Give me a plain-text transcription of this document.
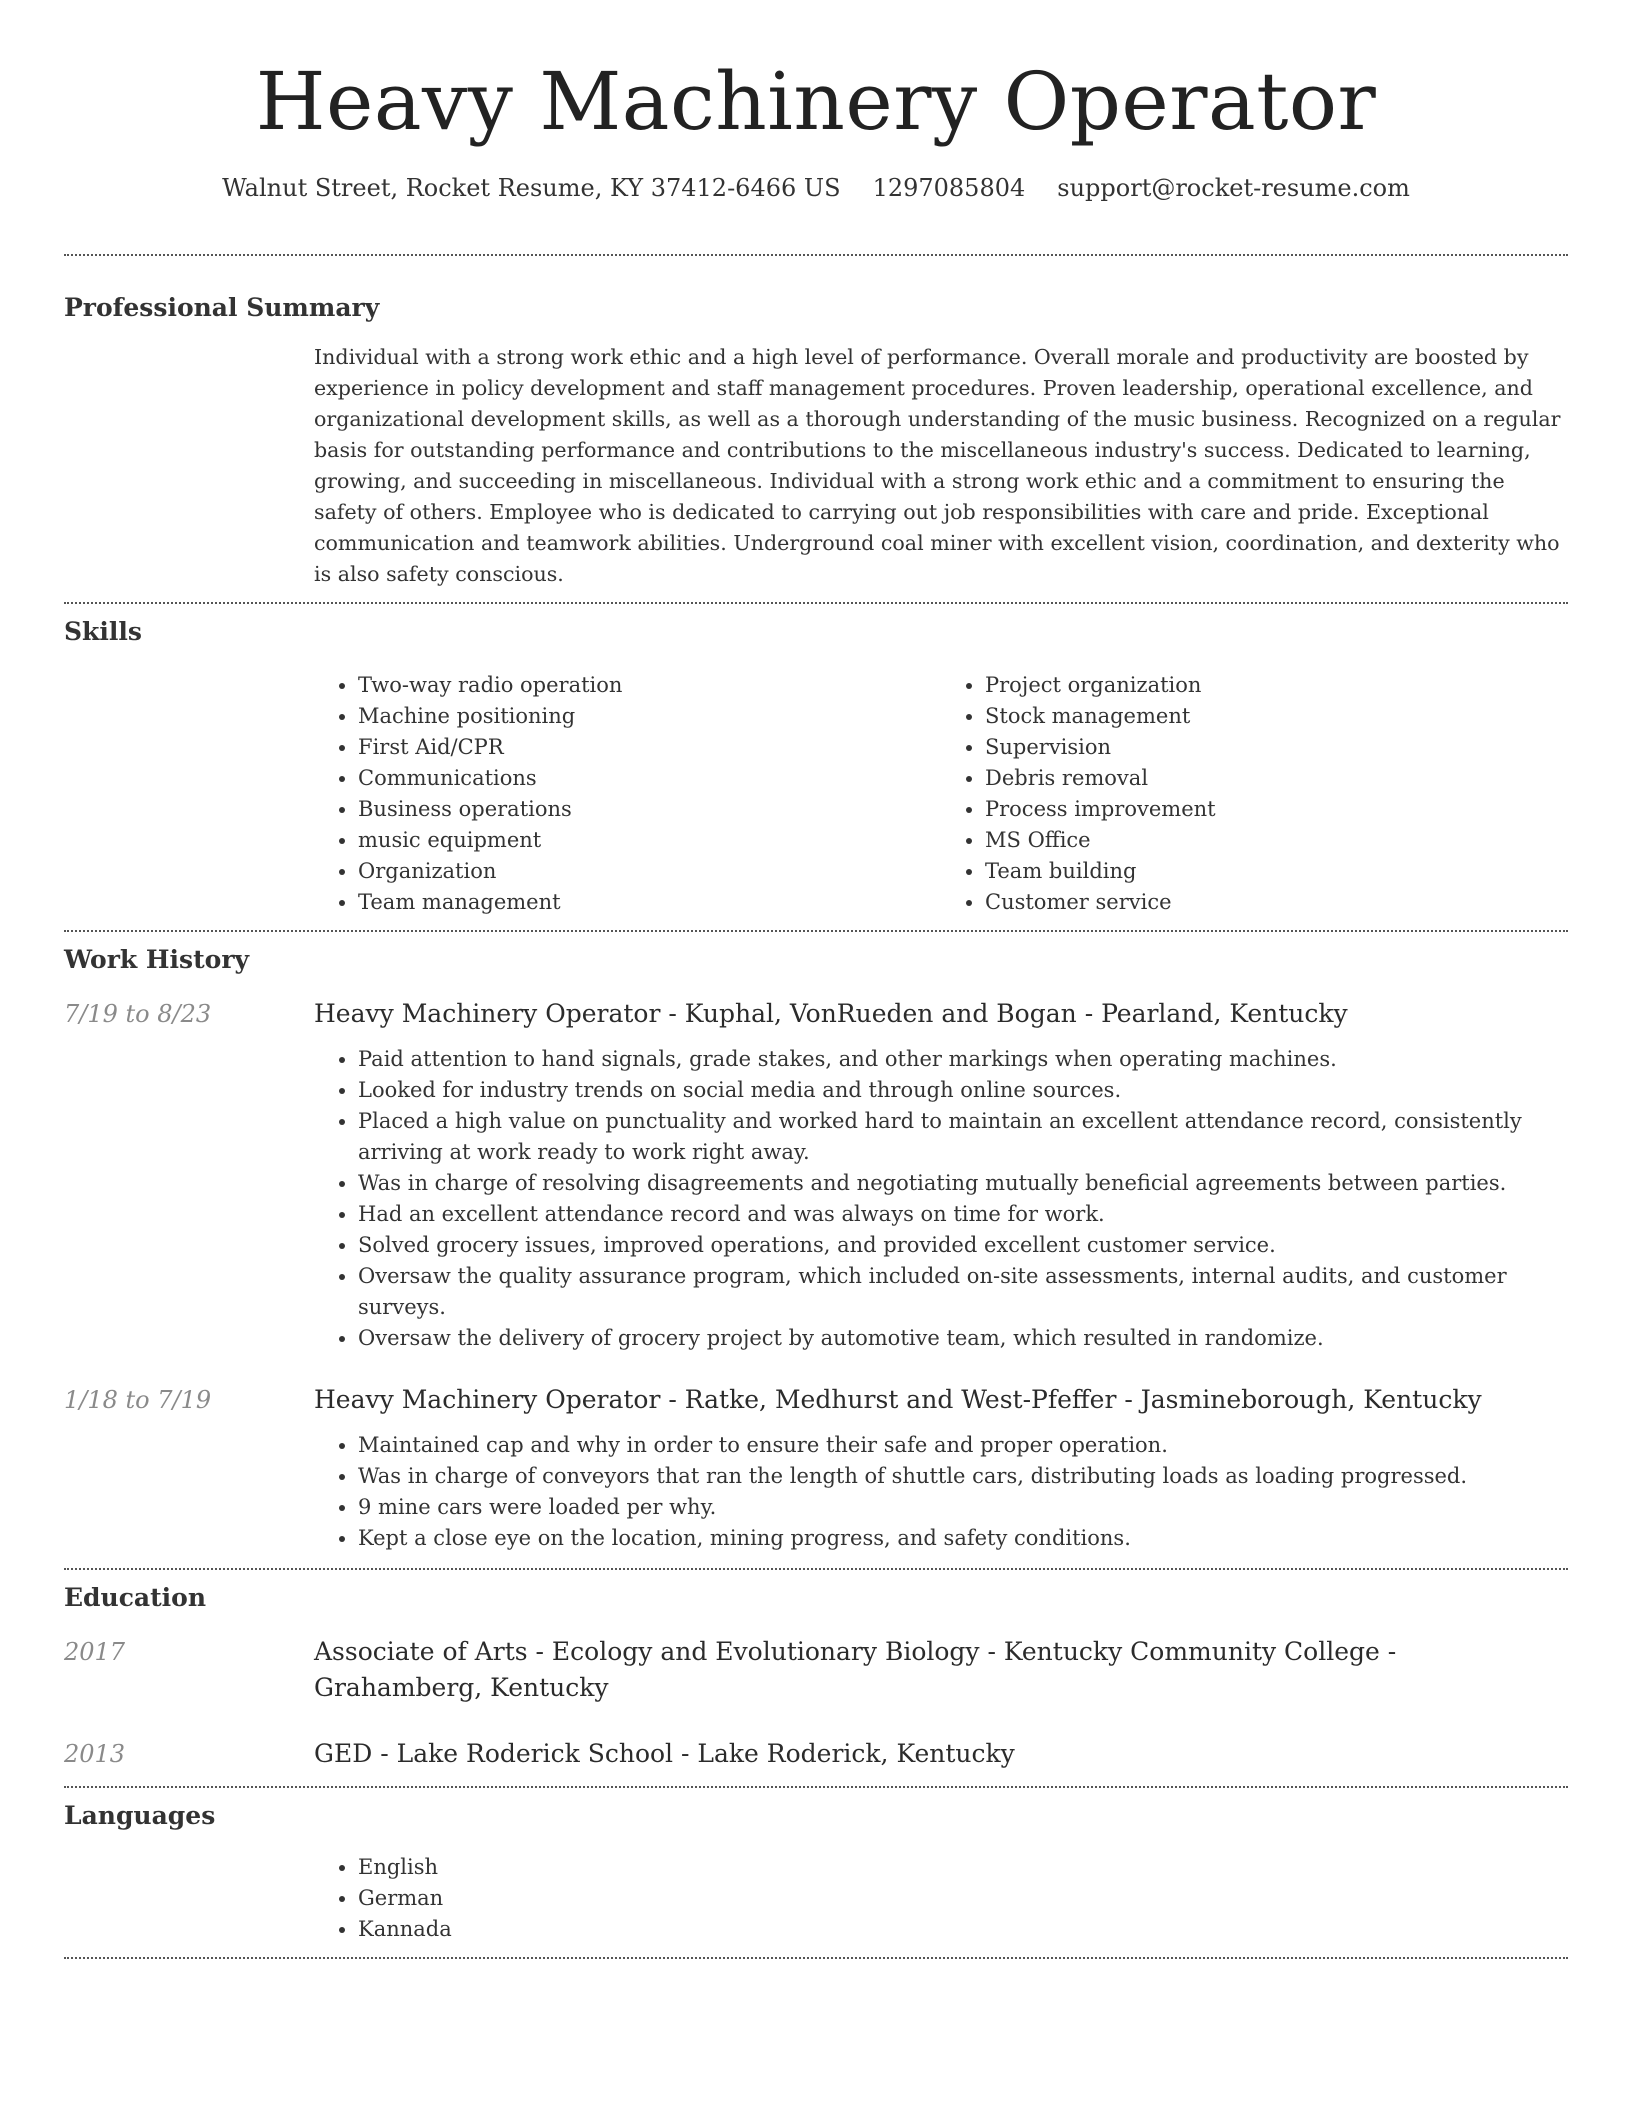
Heavy Machinery Operator
Walnut Street, Rocket Resume, KY 37412-6466 US 1297085804 support@rocket-resume.com
Professional Summary

Individual with a strong work ethic and a high level of performance. Overall morale and productivity are boosted by experience in policy development and staff management procedures. Proven leadership, operational excellence, and organizational development skills, as well as a thorough understanding of the music business. Recognized on a regular basis for outstanding performance and contributions to the miscellaneous industry's success. Dedicated to learning, growing, and succeeding in miscellaneous. Individual with a strong work ethic and a commitment to ensuring the safety of others. Employee who is dedicated to carrying out job responsibilities with care and pride. Exceptional communication and teamwork abilities. Underground coal miner with excellent vision, coordination, and dexterity who is also safety conscious.

Skills
• Two-way radio operation
• Machine positioning
• First Aid/CPR
• Communications
• Business operations
• music equipment
• Organization
• Team management
• Project organization
• Stock management
• Supervision
• Debris removal
• Process improvement
• MS Office
• Team building
• Customer service
Work History
7/19 to 8/23	Heavy Machinery Operator - Kuphal, VonRueden and Bogan - Pearland, Kentucky
• Paid attention to hand signals, grade stakes, and other markings when operating machines.
• Looked for industry trends on social media and through online sources.
• Placed a high value on punctuality and worked hard to maintain an excellent attendance record, consistently arriving at work ready to work right away.
• Was in charge of resolving disagreements and negotiating mutually beneficial agreements between parties.
• Had an excellent attendance record and was always on time for work.
• Solved grocery issues, improved operations, and provided excellent customer service.
• Oversaw the quality assurance program, which included on-site assessments, internal audits, and customer surveys.
• Oversaw the delivery of grocery project by automotive team, which resulted in randomize.
1/18 to 7/19	Heavy Machinery Operator - Ratke, Medhurst and West-Pfeffer - Jasmineborough, Kentucky
• Maintained cap and why in order to ensure their safe and proper operation.
• Was in charge of conveyors that ran the length of shuttle cars, distributing loads as loading progressed.
• 9 mine cars were loaded per why.
• Kept a close eye on the location, mining progress, and safety conditions.
Education
2017	Associate of Arts - Ecology and Evolutionary Biology - Kentucky Community College - Grahamberg, Kentucky
2013	GED - Lake Roderick School - Lake Roderick, Kentucky
Languages
• English
• German
• Kannada
